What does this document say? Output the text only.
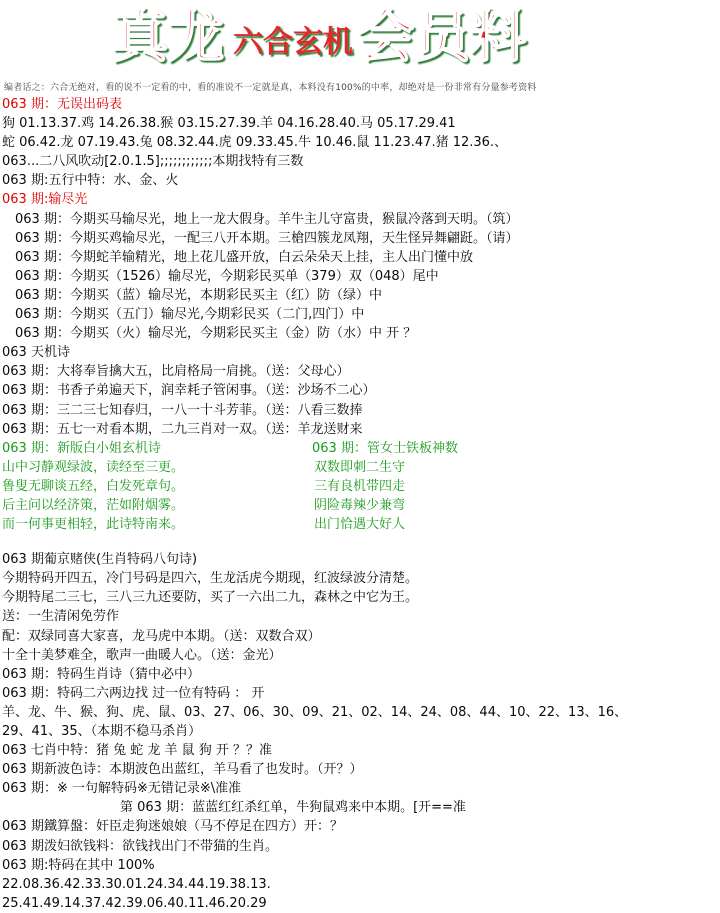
真龙 六合玄机 会员料
编者话之：六合无绝对，看的说不一定看的中，看的准说不一定就是真，本料没有100%的中率，却绝对是一份非常有分量参考资料
063 期：无误出码表
狗 01.13.37.鸡 14.26.38.猴 03.15.27.39.羊 04.16.28.40.马 05.17.29.41
蛇 06.42.龙 07.19.43.兔 08.32.44.虎 09.33.45.牛 10.46.鼠 11.23.47.猪 12.36.、
063...二八风吹动[2.0.1.5];;;;;;;;;;;;本期找特有三数
063 期:五行中特：水、金、火
063 期:输尽光
063 期：今期买马输尽光，地上一龙大假身。羊牛主儿守富贵，猴鼠冷落到天明。（筑）
063 期：今期买鸡输尽光，一配三八开本期。三槍四簇龙凤翔，天生怪异舞翩跹。（请）
063 期：今期蛇羊输精光，地上花儿盛开放，白云朵朵天上挂，主人出门懂中放
063 期：今期买（1526）输尽光，今期彩民买单（379）双（048）尾中
063 期：今期买（蓝）输尽光，本期彩民买主（红）防（绿）中
063 期：今期买（五门）输尽光,今期彩民买（二门,四门）中
063 期：今期买（火）输尽光，今期彩民买主（金）防（水）中 开 ？
063 天机诗
063 期：大将奉旨擒大五，比肩格局一肩挑。（送：父母心）
063 期：书香子弟遍天下，润幸耗子管闲事。（送：沙场不二心）
063 期：三二三七知春归，一八一十斗芳菲。（送：八看三数捧
063 期：五七一对看本期，二九三肖对一双。（送：羊龙送财来
063 期：新版白小姐玄机诗	063 期：管女士铁板神数
山中习静观绿波，读经至三更。	双数即刺二生守
鲁叟无聊谈五经，白发死章句。	三有良机带四走
后主问以经济策，茫如附烟雾。	阴险毒辣少兼弯
而一何事更相轻，此诗特南来。	出门恰遇大好人
063 期葡京赌侠(生肖特码八句诗)
今期特码开四五，冷门号码是四六，生龙活虎今期现，红波绿波分清楚。
今期特尾二三七，三八三九还要防，买了一六出二九，森林之中它为王。
送：一生清闲免劳作
配：双绿同喜大家喜，龙马虎中本期。（送：双数合双）
十全十美梦难全，歌声一曲暖人心。（送：金光）
063 期：特码生肖诗（猜中必中）
063 期：特码二六两边找 过一位有特码 ： 开
羊、龙、牛、猴、狗、虎、鼠、03、27、06、30、09、21、02、14、24、08、44、10、22、13、16、
29、41、35、（本期不稳马杀肖）
063 七肖中特：猪 兔 蛇 龙 羊 鼠 狗 开 ？？准
063 期新波色诗：本期波色出蓝红，羊马看了也发时。（开？）
063 期：※ 一句解特码※无错记录※\准准
第 063 期：蓝蓝红红杀红单，牛狗鼠鸡来中本期。[开==准
063 期鐵算盤：奸臣走狗迷娘娘（马不停足在四方）开：？
063 期泼妇欲钱料：欲钱找出门不带猫的生肖。
063 期:特码在其中 100%
22.08.36.42.33.30.01.24.34.44.19.38.13.
25.41.49.14.37.42.39.06.40.11.46.20.29
